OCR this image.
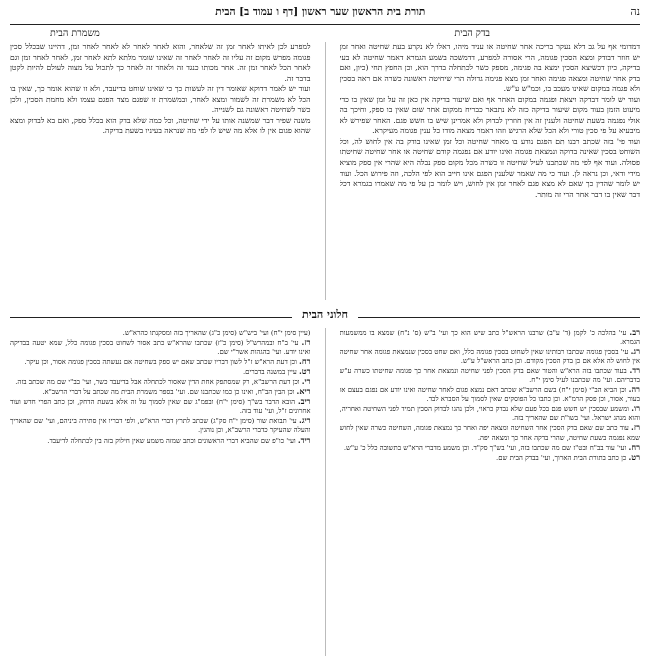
נה
תורת בית הראשון שער ראשון [דף ו עמוד ב] הבית
בדק הבית
משמרת הבית

דמדומי אף על גב דלא נעקר בריכה אחר שחיטה או עניד מיהו, דאלו לא נקרע בעת שחיטה ואחר זמן יש חוזר דבודק ומצא הסכין פגומה, הרי אסורה למפרע, דדמשכה בשמע הגמרא דאמר שחיטה לא בעי בדיקה, כיון דכשיצא הסכין ימצא בה פגימה, מספק כשר לכתחלה בדרך הוא, וכן החפץ תחי (כיון, ואם בדק אחר שחיטה ומצאה פגימה ואחר זמן מצא פגימה גדולה הרי שיחיטה ראשונה כשרה אם ראה בסכין ולא פגמה במקום שאינו מעכב בו, וכמ"ש ע"ש.

ועוד יש לומר דבדקה ויצאת ופגמה במקום האחר אף ואם שיעור בדיקה אין כאן זה על זמן שאין בו כדי מיעוט הזמן בעוד מקום שיעור בדיקה כזה לא נתבאר כבריח ממקום אחר שום שאין בו ספק, וחיכך בה אולי נפגמה בשעת שחיטה ולענין זה אין חוזרין לבדוק ולא אמרינן שיש בו חשש פגם. האחר שפירש לא מיבעיא על פי סכין טורי ולא הכל שלא הרגיש וזהו דאמר מצאה מודו כל ענין פגומה מעיקרא.

ועוד פי' בזה שכתב רבנו תם הפגם נודע בו מאחר שחיטה וכל זמן שאינו בודק בה אין לחוש לה, וכל השוחט בסכין שאינה בדוקה ונמצאת פגומה ואינו יודע אם נפגמה קודם שחיטה או אחר שחיטה שחיטתו פסולה. ועוד אף לפי מה שכתבנו לעיל שחיטה זו כשרה מכל מקום ספק נבלה היא שהרי אין ספק מוציא מידי ודאי, וכן נראה לן. ועוד כי מה שאמר שלענין הפגם אינו חייב הוא לפי הלכה, וזה פירוש הכל. ועוד יש לומר שהדין כך שאם לא מצא פגם לאחר זמן אין לחוש, ויש לומר כן על פי מה שאמרו בגמרא דכל דבר שאין בו דבר אחר הרי זה מותר.

למפרע לכן לאיתו לאחר זמן זה שלאחר, והוא לאחר לאחר לא לאחר לאחר זמן, דהיינו שבכלל סכין פגומה מפרש מקום זה עליו זה לאחר לאחר זה שאינו שומר מלתא לתא לאחר זמן, לאחר לאחר זמן וגם לאחר הכל לאחר זמן זה. אחר מכותו כנגד זה ולאחר זה לאחר כך לתכול על מצוה לעולם להיות לקטן בדבר זה.

ועוד יש לאמר דדוקא שאומר דין זה לעשות כך כי שאינו שוחט בדיעבד, ולא זו שהוא אומר כך, שאין בו הכל לא משמרת זה לשמור ומצא לאחר, ובמשמרת זו שפגם מצד הפגם עצמו ולא מחמת הסכין, ולכן כשר לשחיטה ראשונה גם לשנייה.

משנה שפיר דבר שמשנה אותו על ידי שחיטה, וכל כמה שלא בדק הוא בכלל ספק, ואם בא לבדוק ומצא שהוא פגום אין לו אלא מה שיש לו לפי מה שנראה בעיניו בשעת בדיקה.

חלוני הבית

רב. עי' בהלכה כ' לקמן (ד' ע"ב) שרבנו הראש"ל כתב שיש הוא כך ועי' ב"ש (ס' נ"ח) שמצא בו ממשמעות הגמרא.

רג. עי' בסכין פגומה שכתבו רבותינו שאין לשחוט בסכין פגומה כלל, ואם שחט בסכין שנמצאת פגומה אחר שחיטה אין לחוש לה אלא אם כן בדק הסכין מקודם. וכן כתב הראש"ל ע"ש.

רד. בעוד שכתבו בזה הרא"ש והטור שאם בדק הסכין לפני שחיטה ונמצאת אחר כך פגומה שחיטתו כשרה ע"ש בדבריהם. ועי' מה שכתבנו לעיל סימן י"ח.

רה. וכן הביא הב"י (סימן י"ח) בשם הרשב"א שכתב דאם נמצא פגום לאחר שחיטה ואינו יודע אם נפגם בעצם או בעור, אסור, וכן פסק הרמ"א. וכן כתבו כל הפוסקים שאין לסמוך על הסברא לבד.

רו. ומשמע שבסכין יש חשש פגם בכל פעם שלא נבדק כראוי, ולכן נהגו לבדוק הסכין תמיד לפני השחיטה ואחריה, והוא מנהג ישראל. ועי' בשו"ת שם שהאריך בזה.

רז. עוד כתב שם שאם בדק הסכין אחר השחיטה ומצאה יפה ואחר כך נמצאת פגומה, השחיטה כשרה שאין לחוש שמא נפגמה בשעת שחיטה, שהרי בדקה אחר כך ומצאה יפה.

רח. ועי' עוד בב"ח ובט"ז שם מה שכתבו בזה, ועי' בש"ך סק"ד. וכן משמע מדברי הרא"ש בתשובה כלל כ' ע"ש.

רט. כן כתב בתורת הבית הארוך, ועי' בבדק הבית שם.

(עיין סימן י"ח) ועי' ביש"ש (סימן כ"ג) שהאריך בזה ומסקנתו כהרא"ש.

רז. עי' ב"ח ובמהרש"ל (סימן כ"ז) שכתבו שהרא"ש כתב אסור לשחוט בסכין פגומה כלל, שמא יטעה בבדיקה ואינו יודע. ועי' בהגהות אשר"י שם.

רח. וכן דעת הרא"ש ז"ל לשון דבריו שכתב שאם יש ספק בשחיטה אם נעשתה בסכין פגומה אסור, וכן עיקר.

רט. עיין במשנה בדברים.

רי. וכן דעת הרשב"א, רק שמסתפק אחת הדין שאסור לכתחלה אבל בדיעבד כשר, ועי' בב"י שם מה שכתב בזה.

ריא. וכן הבין הב"ח, ואינו כן כמו שכתבנו שם. ועי' בספר משמרת הבית מה שכתב על דברי הרשב"א.

ריב. הובא הדבר בש"ך (סימן י"ח) ובפמ"ג שם שאין לסמוך על זה אלא בשעת הדחק, וכן כתב הפרי חדש ועוד אחרונים ז"ל, ועי' עוד בזה.

ריג. עי' תבואת שור (סימן י"ח סק"ג) שכתב לתרץ דברי הרא"ש, ולפי דבריו אין סתירה ביניהם, ועי' שם שהאריך והעלה שהעיקר כדברי הרשב"א, וכן נוהגין.

ריד. ועי' כו"פ שם שהביא דברי הראשונים וכתב שמזה משמע שאין חילוק בזה בין לכתחלה לדיעבד.
